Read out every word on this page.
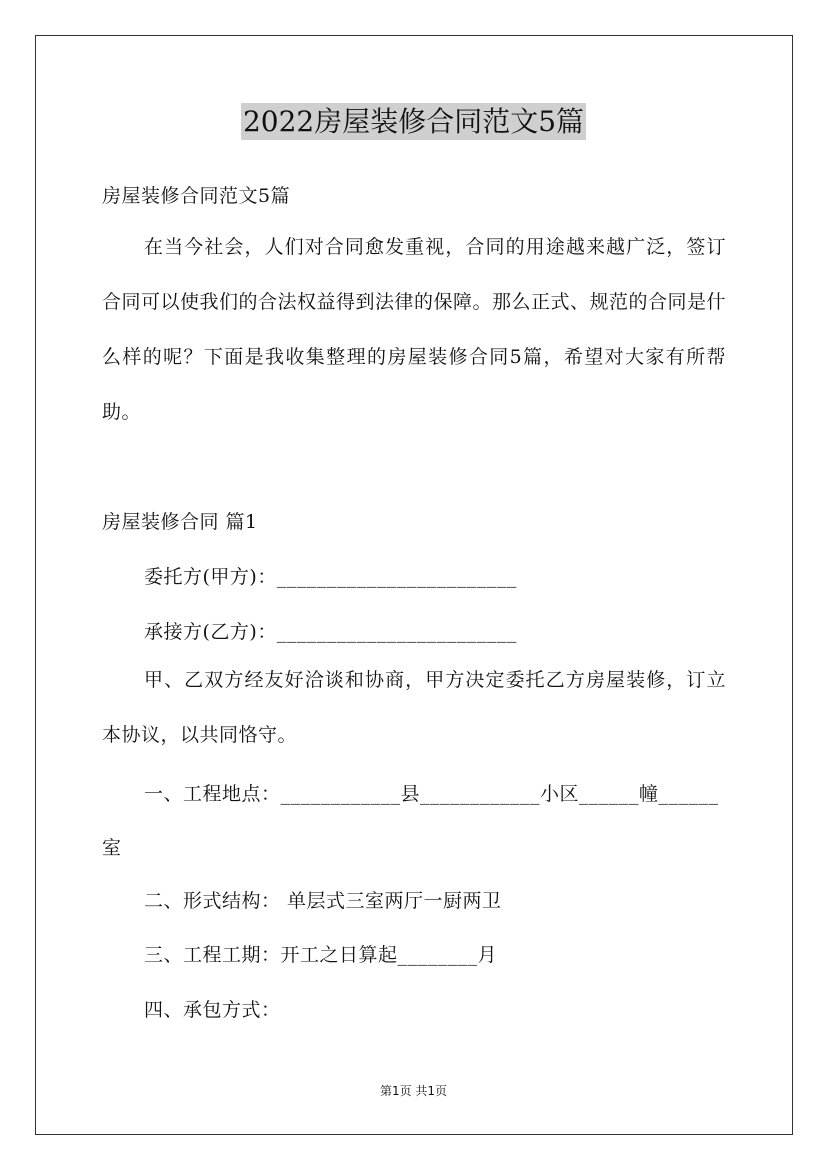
2022房屋装修合同范文5篇
房屋装修合同范文5篇
在当今社会，人们对合同愈发重视，合同的用途越来越广泛，签订合同可以使我们的合法权益得到法律的保障。那么正式、规范的合同是什么样的呢？下面是我收集整理的房屋装修合同5篇，希望对大家有所帮助。
房屋装修合同 篇1
委托方(甲方)：________________________
承接方(乙方)：________________________
甲、乙双方经友好洽谈和协商，甲方决定委托乙方房屋装修，订立本协议，以共同恪守。
一、工程地点：____________县____________小区______幢______
室
二、形式结构： 单层式三室两厅一厨两卫
三、工程工期：开工之日算起________月
四、承包方式：
第1页 共1页
